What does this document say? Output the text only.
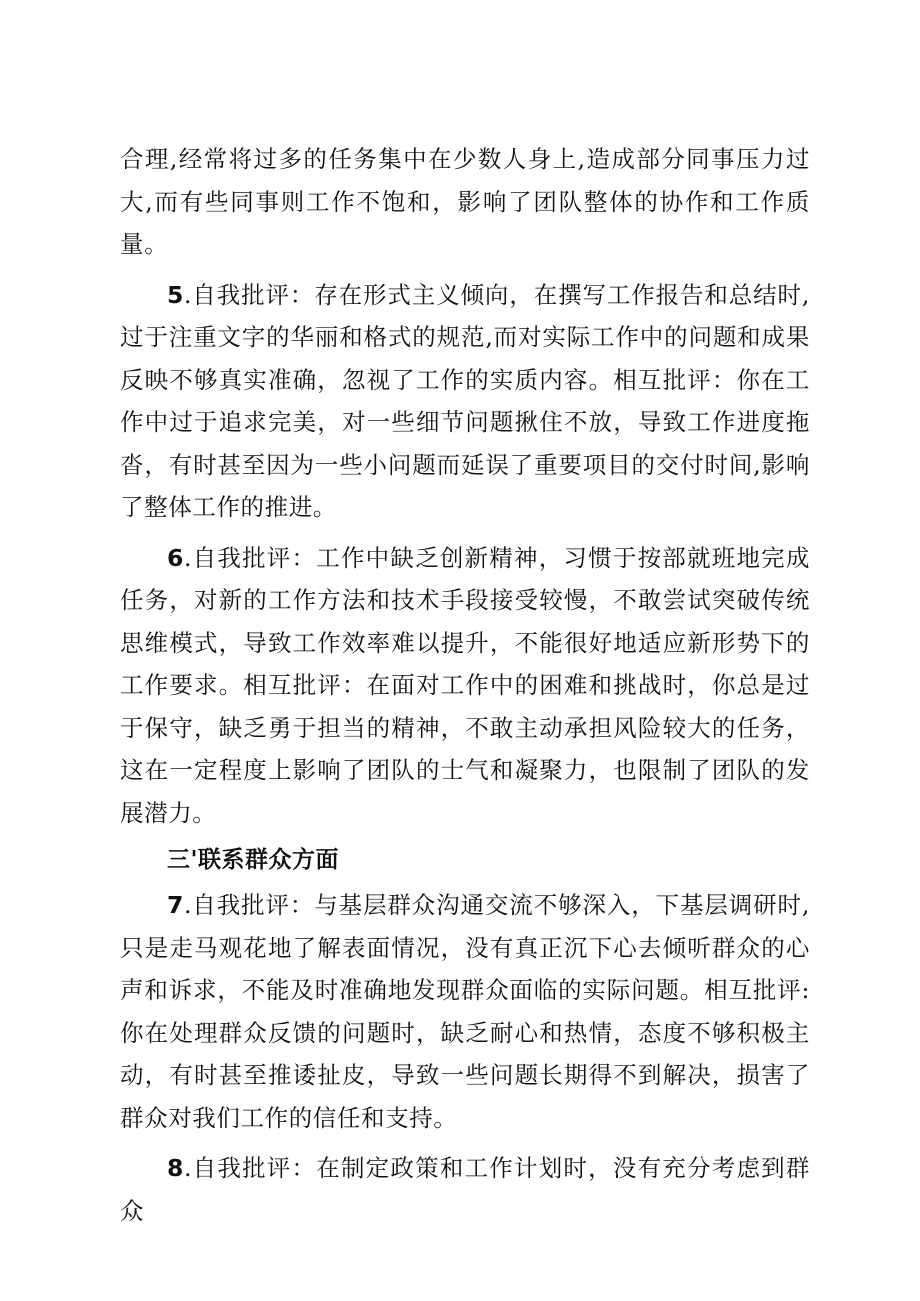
合理,经常将过多的任务集中在少数人身上,造成部分同事压力过大,而有些同事则工作不饱和，影响了团队整体的协作和工作质量。

5.自我批评：存在形式主义倾向，在撰写工作报告和总结时,过于注重文字的华丽和格式的规范,而对实际工作中的问题和成果反映不够真实准确，忽视了工作的实质内容。相互批评：你在工作中过于追求完美，对一些细节问题揪住不放，导致工作进度拖沓，有时甚至因为一些小问题而延误了重要项目的交付时间,影响了整体工作的推进。

6.自我批评：工作中缺乏创新精神，习惯于按部就班地完成任务，对新的工作方法和技术手段接受较慢，不敢尝试突破传统思维模式，导致工作效率难以提升，不能很好地适应新形势下的工作要求。相互批评：在面对工作中的困难和挑战时，你总是过于保守，缺乏勇于担当的精神，不敢主动承担风险较大的任务，这在一定程度上影响了团队的士气和凝聚力，也限制了团队的发展潜力。

三'联系群众方面

7.自我批评：与基层群众沟通交流不够深入，下基层调研时,只是走马观花地了解表面情况，没有真正沉下心去倾听群众的心声和诉求，不能及时准确地发现群众面临的实际问题。相互批评:你在处理群众反馈的问题时，缺乏耐心和热情，态度不够积极主动，有时甚至推诿扯皮，导致一些问题长期得不到解决，损害了群众对我们工作的信任和支持。

8.自我批评：在制定政策和工作计划时，没有充分考虑到群众
